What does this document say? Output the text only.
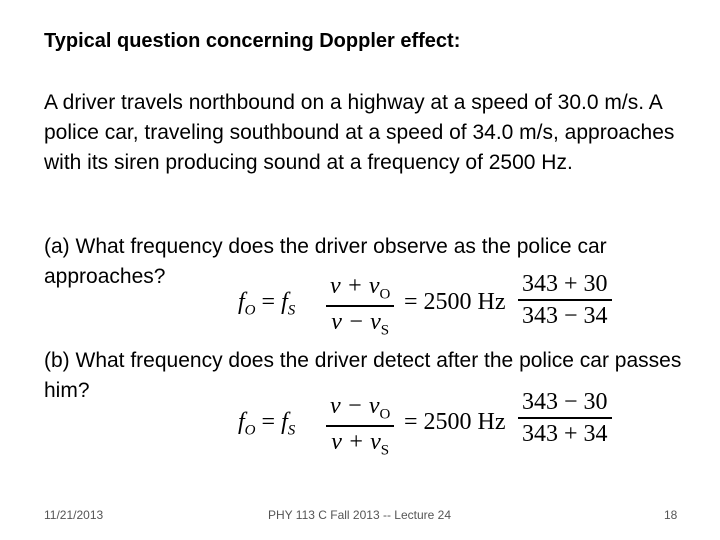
Typical question concerning Doppler effect:
A driver travels northbound on a highway at a speed of 30.0 m/s. A police car, traveling southbound at a speed of 34.0 m/s, approaches with its siren producing sound at a frequency of 2500 Hz.
(a) What frequency does the driver observe as the police car approaches?
$f_O = f_S$
$v + v_O$
$v - v_S$
= 2500 Hz
343 + 30
343 − 34
(b) What frequency does the driver detect after the police car passes him?
$f_O = f_S$
$v - v_O$
$v + v_S$
= 2500 Hz
343 − 30
343 + 34
11/21/2013	PHY 113 C Fall 2013 -- Lecture 24	18
